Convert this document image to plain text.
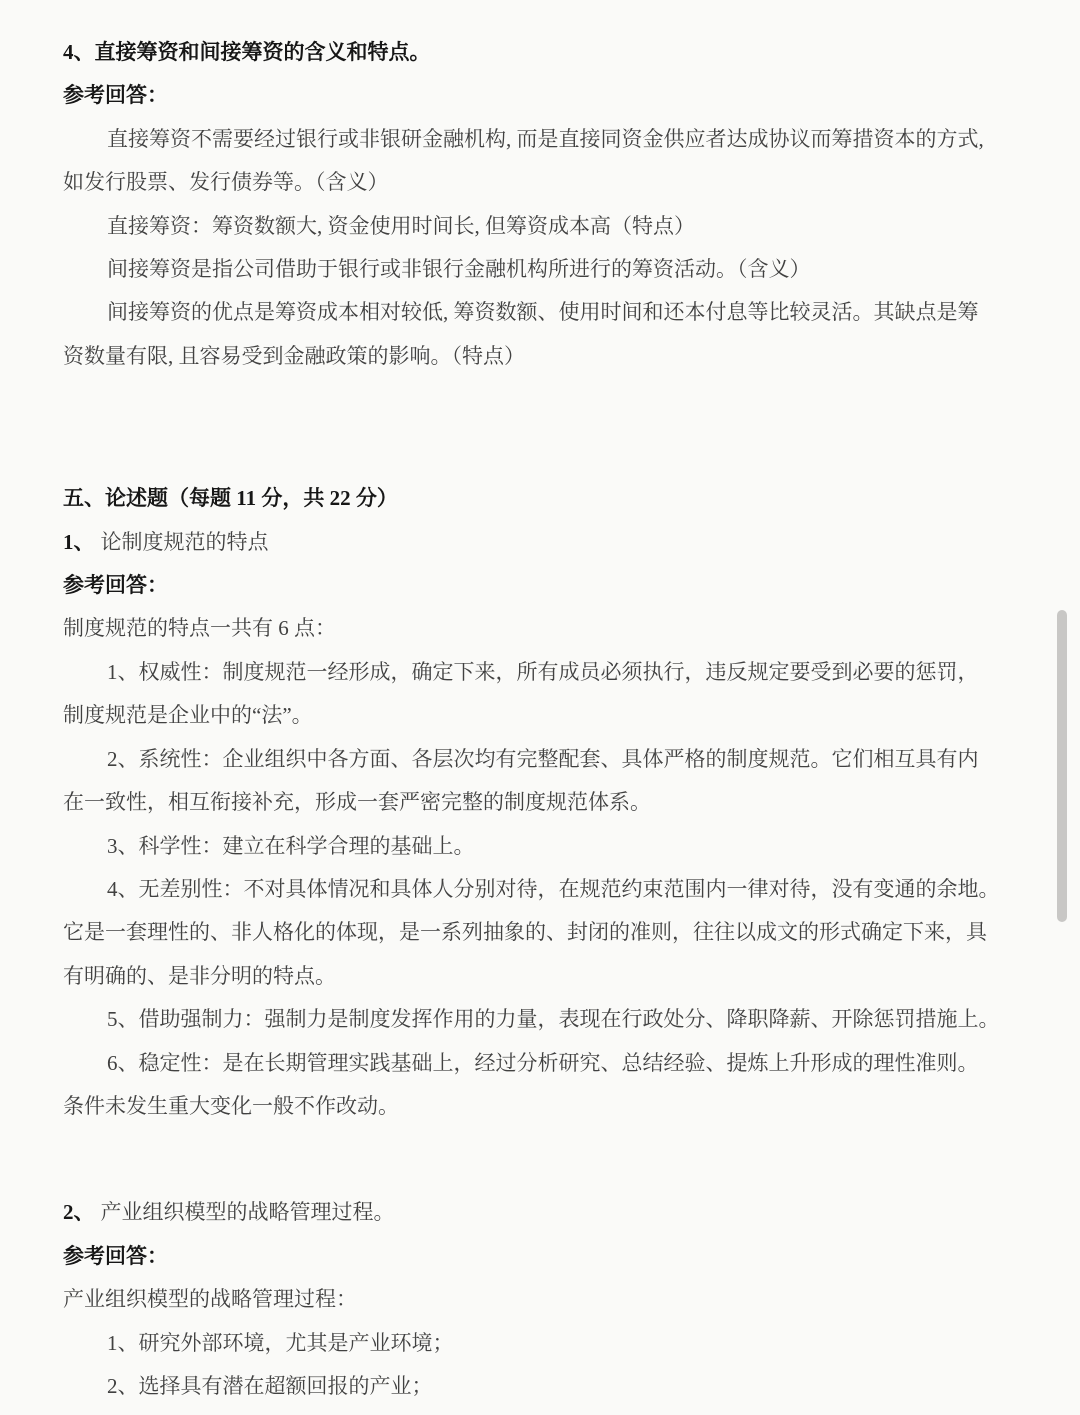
4、直接筹资和间接筹资的含义和特点。
参考回答：
直接筹资不需要经过银行或非银研金融机构, 而是直接同资金供应者达成协议而筹措资本的方式,
如发行股票、发行债券等。（含义）
直接筹资：筹资数额大, 资金使用时间长, 但筹资成本高（特点）
间接筹资是指公司借助于银行或非银行金融机构所进行的筹资活动。（含义）
间接筹资的优点是筹资成本相对较低, 筹资数额、使用时间和还本付息等比较灵活。其缺点是筹
资数量有限, 且容易受到金融政策的影响。（特点）
五、论述题（每题 11 分，共 22 分）
1、 论制度规范的特点
参考回答：
制度规范的特点一共有 6 点：
1、权威性：制度规范一经形成，确定下来，所有成员必须执行，违反规定要受到必要的惩罚，
制度规范是企业中的“法”。
2、系统性：企业组织中各方面、各层次均有完整配套、具体严格的制度规范。它们相互具有内
在一致性，相互衔接补充，形成一套严密完整的制度规范体系。
3、科学性：建立在科学合理的基础上。
4、无差别性：不对具体情况和具体人分别对待，在规范约束范围内一律对待，没有变通的余地。
它是一套理性的、非人格化的体现，是一系列抽象的、封闭的准则，往往以成文的形式确定下来，具
有明确的、是非分明的特点。
5、借助强制力：强制力是制度发挥作用的力量，表现在行政处分、降职降薪、开除惩罚措施上。
6、稳定性：是在长期管理实践基础上，经过分析研究、总结经验、提炼上升形成的理性准则。
条件未发生重大变化一般不作改动。
2、 产业组织模型的战略管理过程。
参考回答：
产业组织模型的战略管理过程：
1、研究外部环境，尤其是产业环境；
2、选择具有潜在超额回报的产业；
